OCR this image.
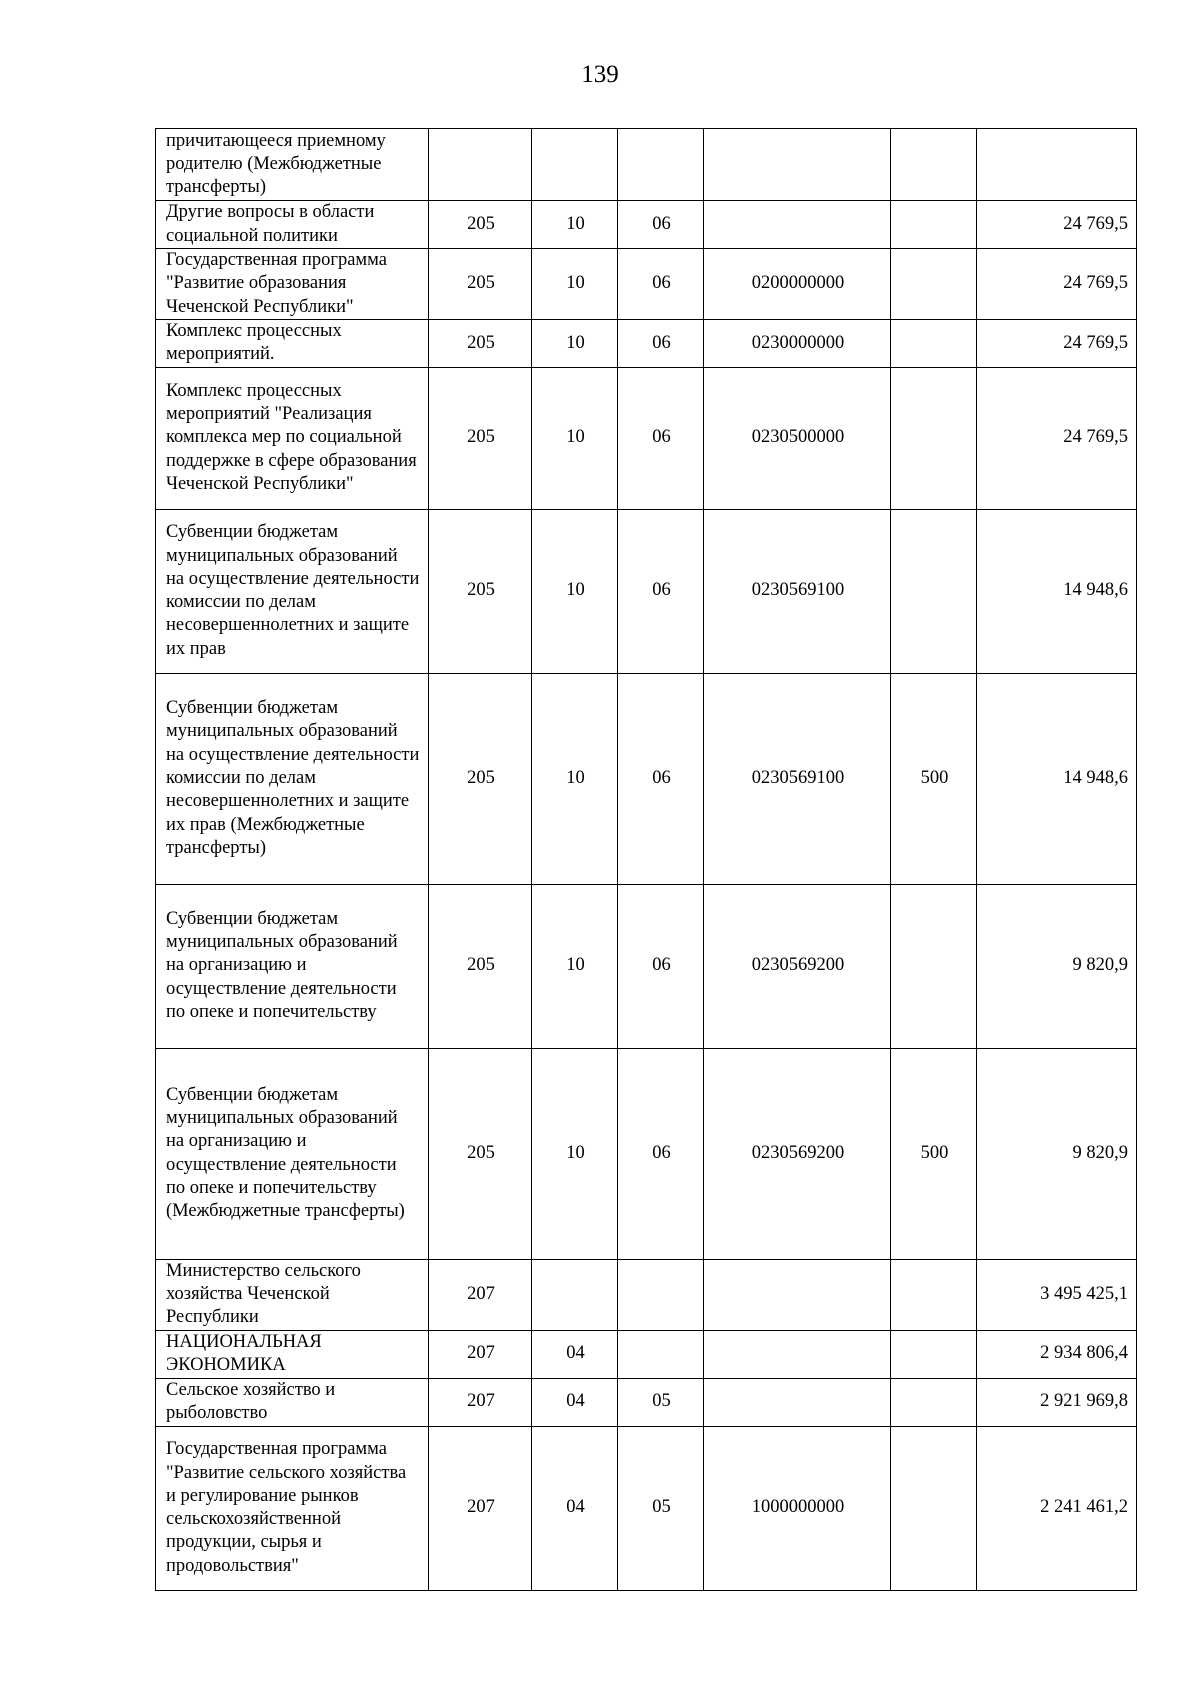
139
причитающееся приемному родителю (Межбюджетные трансферты)						
Другие вопросы в области социальной политики	205	10	06			24 769,5
Государственная программа "Развитие образования Чеченской Республики"	205	10	06	0200000000		24 769,5
Комплекс процессных мероприятий.	205	10	06	0230000000		24 769,5
Комплекс процессных мероприятий "Реализация комплекса мер по социальной поддержке в сфере образования Чеченской Республики"	205	10	06	0230500000		24 769,5
Субвенции бюджетам муниципальных образований на осуществление деятельности комиссии по делам несовершеннолетних и защите их прав	205	10	06	0230569100		14 948,6
Субвенции бюджетам муниципальных образований на осуществление деятельности комиссии по делам несовершеннолетних и защите их прав (Межбюджетные трансферты)	205	10	06	0230569100	500	14 948,6
Субвенции бюджетам муниципальных образований на организацию и осуществление деятельности по опеке и попечительству	205	10	06	0230569200		9 820,9
Субвенции бюджетам муниципальных образований на организацию и осуществление деятельности по опеке и попечительству (Межбюджетные трансферты)	205	10	06	0230569200	500	9 820,9
Министерство сельского хозяйства Чеченской Республики	207					3 495 425,1
НАЦИОНАЛЬНАЯ ЭКОНОМИКА	207	04				2 934 806,4
Сельское хозяйство и рыболовство	207	04	05			2 921 969,8
Государственная программа "Развитие сельского хозяйства и регулирование рынков сельскохозяйственной продукции, сырья и продовольствия"	207	04	05	1000000000		2 241 461,2
